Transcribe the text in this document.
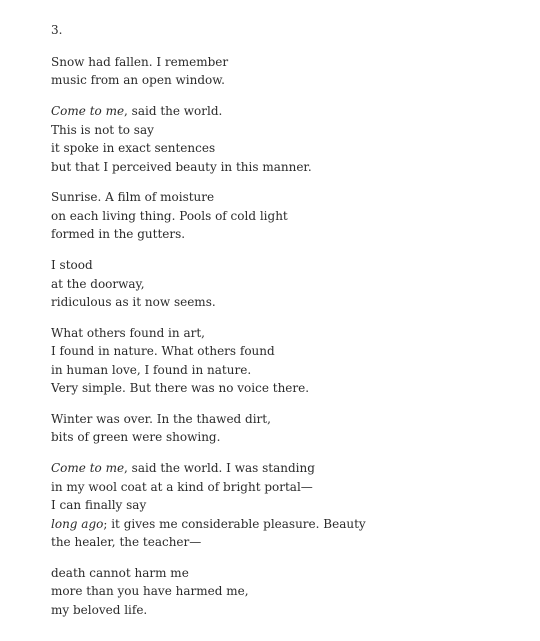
3.
Snow had fallen. I remember
music from an open window.
Come to me, said the world.
This is not to say
it spoke in exact sentences
but that I perceived beauty in this manner.
Sunrise. A film of moisture
on each living thing. Pools of cold light
formed in the gutters.
I stood
at the doorway,
ridiculous as it now seems.
What others found in art,
I found in nature. What others found
in human love, I found in nature.
Very simple. But there was no voice there.
Winter was over. In the thawed dirt,
bits of green were showing.
Come to me, said the world. I was standing
in my wool coat at a kind of bright portal—
I can finally say
long ago; it gives me considerable pleasure. Beauty
the healer, the teacher—
death cannot harm me
more than you have harmed me,
my beloved life.
